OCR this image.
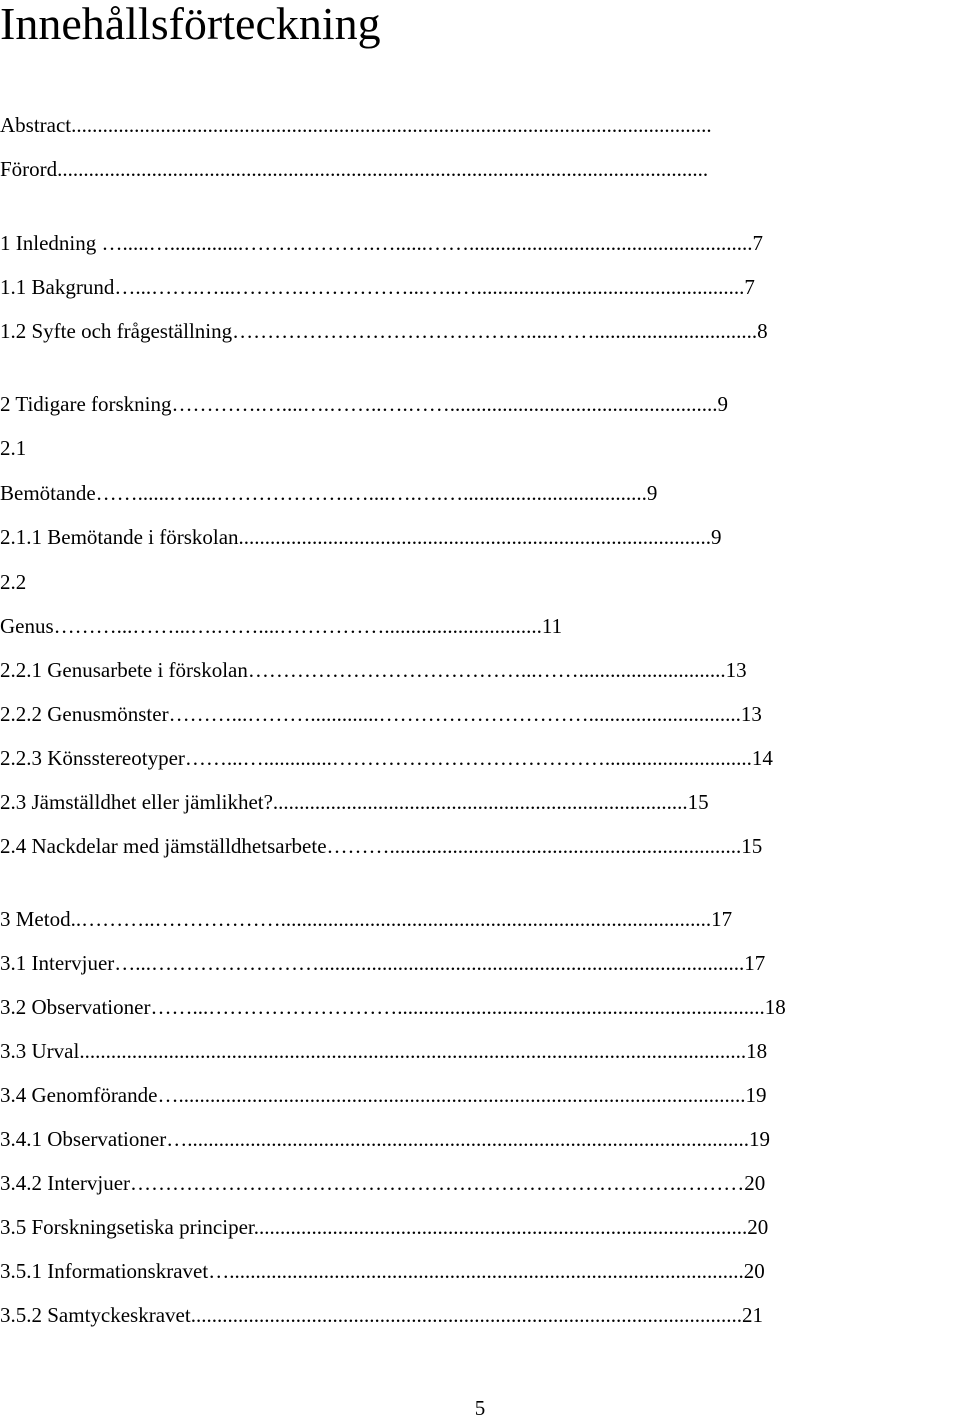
Innehållsförteckning
Abstract..........................................................................................................................
Förord............................................................................................................................
1 Inledning ….....…..............……………….…......……......................................................7
1.1 Bakgrund…...…….…...……….……………...…..…...................................................7
1.2 Syfte och frågeställning…………………………………….....……...............................8
2 Tidigare forskning………….…....….……..….……...................................................9
2.1
Bemötande……......….....……………….…....….….…...................................9
2.1.1 Bemötande i förskolan..........................................................................................9
2.2
Genus………...……...….……....……………..............................11
2.2.1 Genusarbete i förskolan…………………………………...……............................13
2.2.2 Genusmönster………...……….............………………………….............................13
2.2.3 Könsstereotyper……...….............…………………………………............................14
2.3 Jämställdhet eller jämlikhet?...............................................................................15
2.4 Nackdelar med jämställdhetsarbete………...................................................................15
3 Metod..………..………………..................................................................................17
3.1 Intervjuer…...…………………….................................................................................17
3.2 Observationer……...………………………......................................................................18
3.3 Urval...............................................................................................................................18
3.4 Genomförande…............................................................................................................19
3.4.1 Observationer…...........................................................................................................19
3.4.2 Intervjuer…………………………………………………………………….………20
3.5 Forskningsetiska principer..............................................................................................20
3.5.1 Informationskravet…..................................................................................................20
3.5.2 Samtyckeskravet.........................................................................................................21
5
